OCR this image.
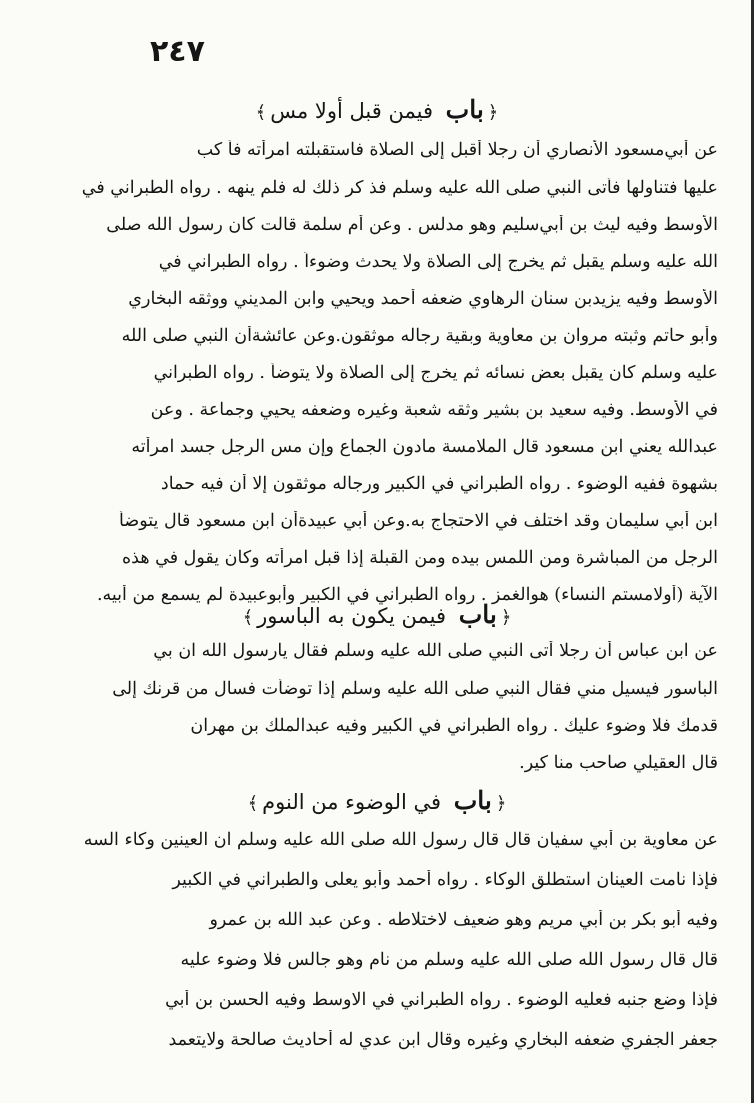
٢٤٧
﴿باب فيمن قبل أولا مس﴾
عن أبي‌مسعود الأنصاري أن رجلا أقبل إلى الصلاة فاستقبلته امرأته فأ كب
عليها فتناولها فأتى النبي صلى الله عليه وسلم فذ كر ذلك له فلم ينهه . رواه الطبراني في
الأوسط وفيه ليث بن أبي‌سليم وهو مدلس . وعن أم سلمة قالت كان رسول الله صلى
الله عليه وسلم يقبل ثم يخرج إلى الصلاة ولا يحدث وضوءاً . رواه الطبراني في
الأوسط وفيه يزيدبن سنان الرهاوي ضعفه أحمد ويحيي وابن المديني ووثقه البخاري
وأبو حاتم وثبته مروان بن معاوية وبقية رجاله موثقون.وعن عائشةأن النبي صلى الله
عليه وسلم كان يقبل بعض نسائه ثم يخرج إلى الصلاة ولا يتوضأ . رواه الطبراني
في الأوسط. وفيه سعيد بن بشير وثقه شعبة وغيره وضعفه يحيي وجماعة . وعن
عبدالله يعني ابن مسعود قال الملامسة مادون الجماع وإن مس الرجل جسد امرأته
بشهوة ففيه الوضوء . رواه الطبراني في الكبير ورجاله موثقون إلا أن فيه حماد
ابن أبي سليمان وقد اختلف في الاحتجاج به.وعن أبي عبيدةأن ابن مسعود قال يتوضأ
الرجل من المباشرة ومن اللمس بيده ومن القبلة إذا قبل امرأته وكان يقول في هذه
الآية (أولامستم النساء) هوالغمز . رواه الطبراني في الكبير وأبوعبيدة لم يسمع من أبيه.
﴿باب فيمن يكون به الباسور﴾
عن ابن عباس أن رجلا أتى النبي صلى الله عليه وسلم فقال يارسول الله ان بي
الباسور فيسيل مني فقال النبي صلى الله عليه وسلم إذا توضأت فسال من قرنك إلى
قدمك فلا وضوء عليك . رواه الطبراني في الكبير وفيه عبدالملك بن مهران
قال العقيلي صاحب منا كير.
﴿باب في الوضوء من النوم﴾
عن معاوية بن أبي سفيان قال قال رسول الله صلى الله عليه وسلم ان العينين وكاء السه
فإذا نامت العينان استطلق الوكاء . رواه أحمد وأبو يعلى والطبراني في الكبير
وفيه أبو بكر بن أبي مريم وهو ضعيف لاختلاطه . وعن عبد الله بن عمرو
قال قال رسول الله صلى الله عليه وسلم من نام وهو جالس فلا وضوء عليه
فإذا وضع جنبه فعليه الوضوء . رواه الطبراني في الاوسط وفيه الحسن بن أبي
جعفر الجفري ضعفه البخاري وغيره وقال ابن عدي له أحاديث صالحة ولايتعمد
